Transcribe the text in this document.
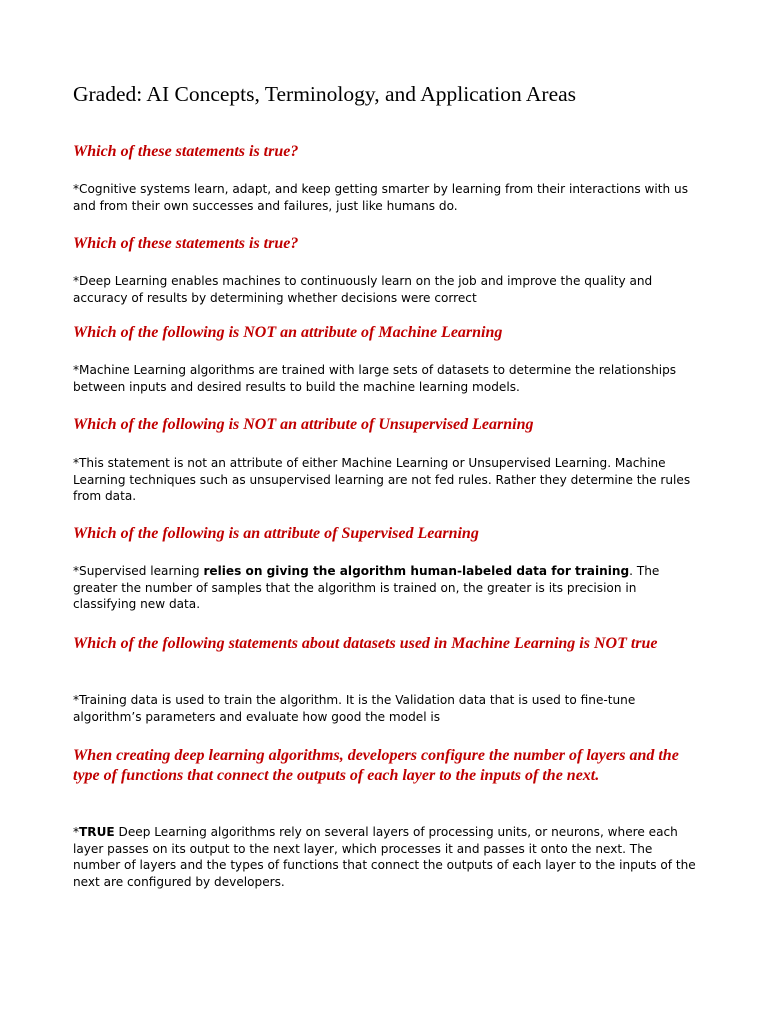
Graded: AI Concepts, Terminology, and Application Areas
Which of these statements is true?
*Cognitive systems learn, adapt, and keep getting smarter by learning from their interactions with us and from their own successes and failures, just like humans do.
Which of these statements is true?
*Deep Learning enables machines to continuously learn on the job and improve the quality and accuracy of results by determining whether decisions were correct
Which of the following is NOT an attribute of Machine Learning
*Machine Learning algorithms are trained with large sets of datasets to determine the relationships between inputs and desired results to build the machine learning models.
Which of the following is NOT an attribute of Unsupervised Learning
*This statement is not an attribute of either Machine Learning or Unsupervised Learning. Machine Learning techniques such as unsupervised learning are not fed rules. Rather they determine the rules from data.
Which of the following is an attribute of Supervised Learning
*Supervised learning relies on giving the algorithm human-labeled data for training. The greater the number of samples that the algorithm is trained on, the greater is its precision in classifying new data.
Which of the following statements about datasets used in Machine Learning is NOT true
*Training data is used to train the algorithm. It is the Validation data that is used to fine-tune algorithm’s parameters and evaluate how good the model is
When creating deep learning algorithms, developers configure the number of layers and the type of functions that connect the outputs of each layer to the inputs of the next.
*TRUE Deep Learning algorithms rely on several layers of processing units, or neurons, where each layer passes on its output to the next layer, which processes it and passes it onto the next. The number of layers and the types of functions that connect the outputs of each layer to the inputs of the next are configured by developers.
